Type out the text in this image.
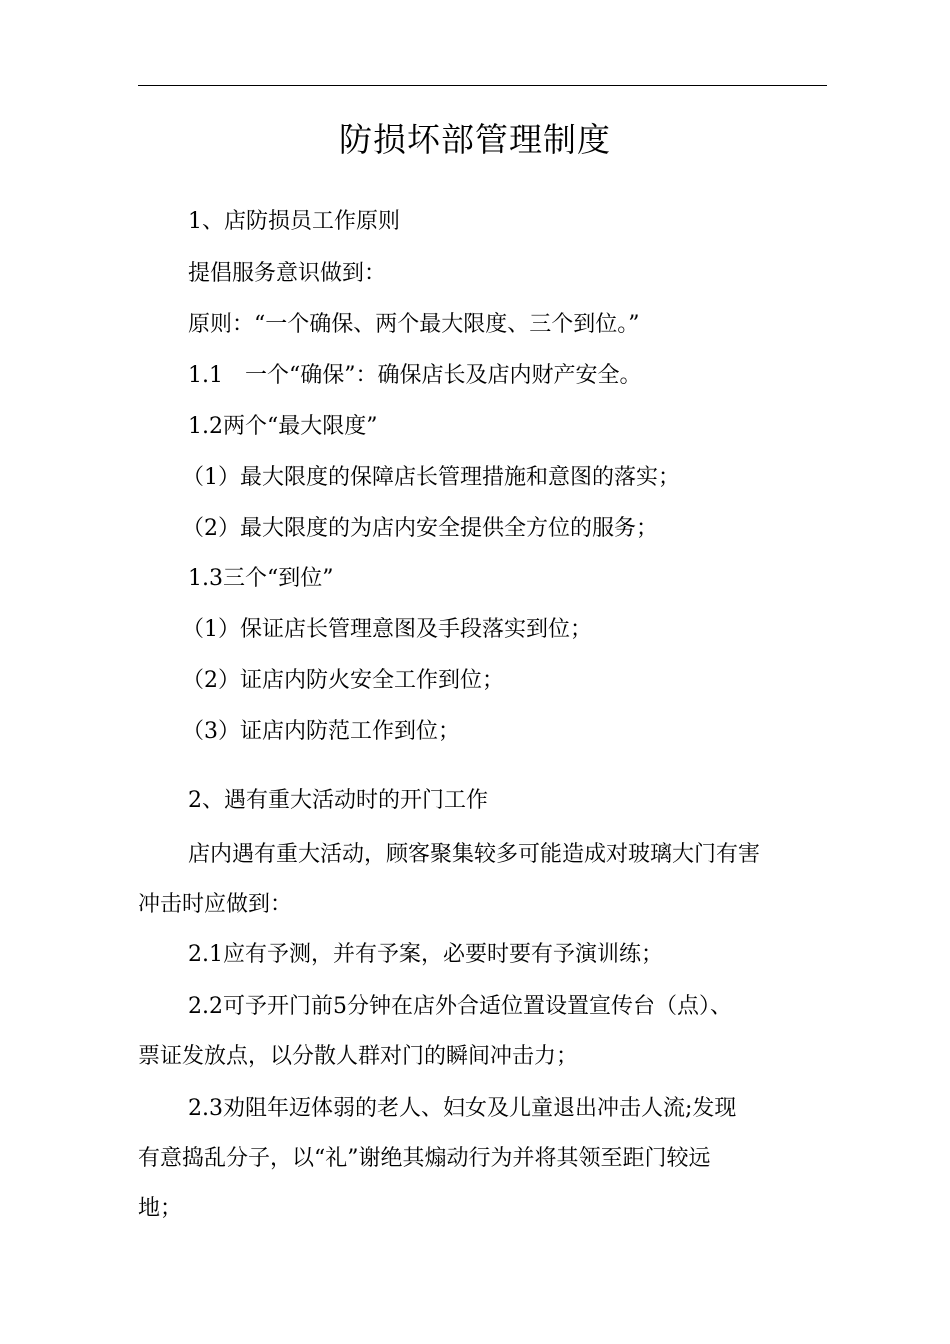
防损坏部管理制度
1、店防损员工作原则
提倡服务意识做到：
原则：“一个确保、两个最大限度、三个到位。”
1.1　一个“确保”：确保店长及店内财产安全。
1.2两个“最大限度”
（1）最大限度的保障店长管理措施和意图的落实；
（2）最大限度的为店内安全提供全方位的服务；
1.3三个“到位”
（1）保证店长管理意图及手段落实到位；
（2）证店内防火安全工作到位；
（3）证店内防范工作到位；
2、遇有重大活动时的开门工作
店内遇有重大活动，顾客聚集较多可能造成对玻璃大门有害
冲击时应做到：
2.1应有予测，并有予案，必要时要有予演训练；
2.2可予开门前5分钟在店外合适位置设置宣传台（点）、
票证发放点，以分散人群对门的瞬间冲击力；
2.3劝阻年迈体弱的老人、妇女及儿童退出冲击人流;发现
有意捣乱分子，以“礼”谢绝其煽动行为并将其领至距门较远
地；
